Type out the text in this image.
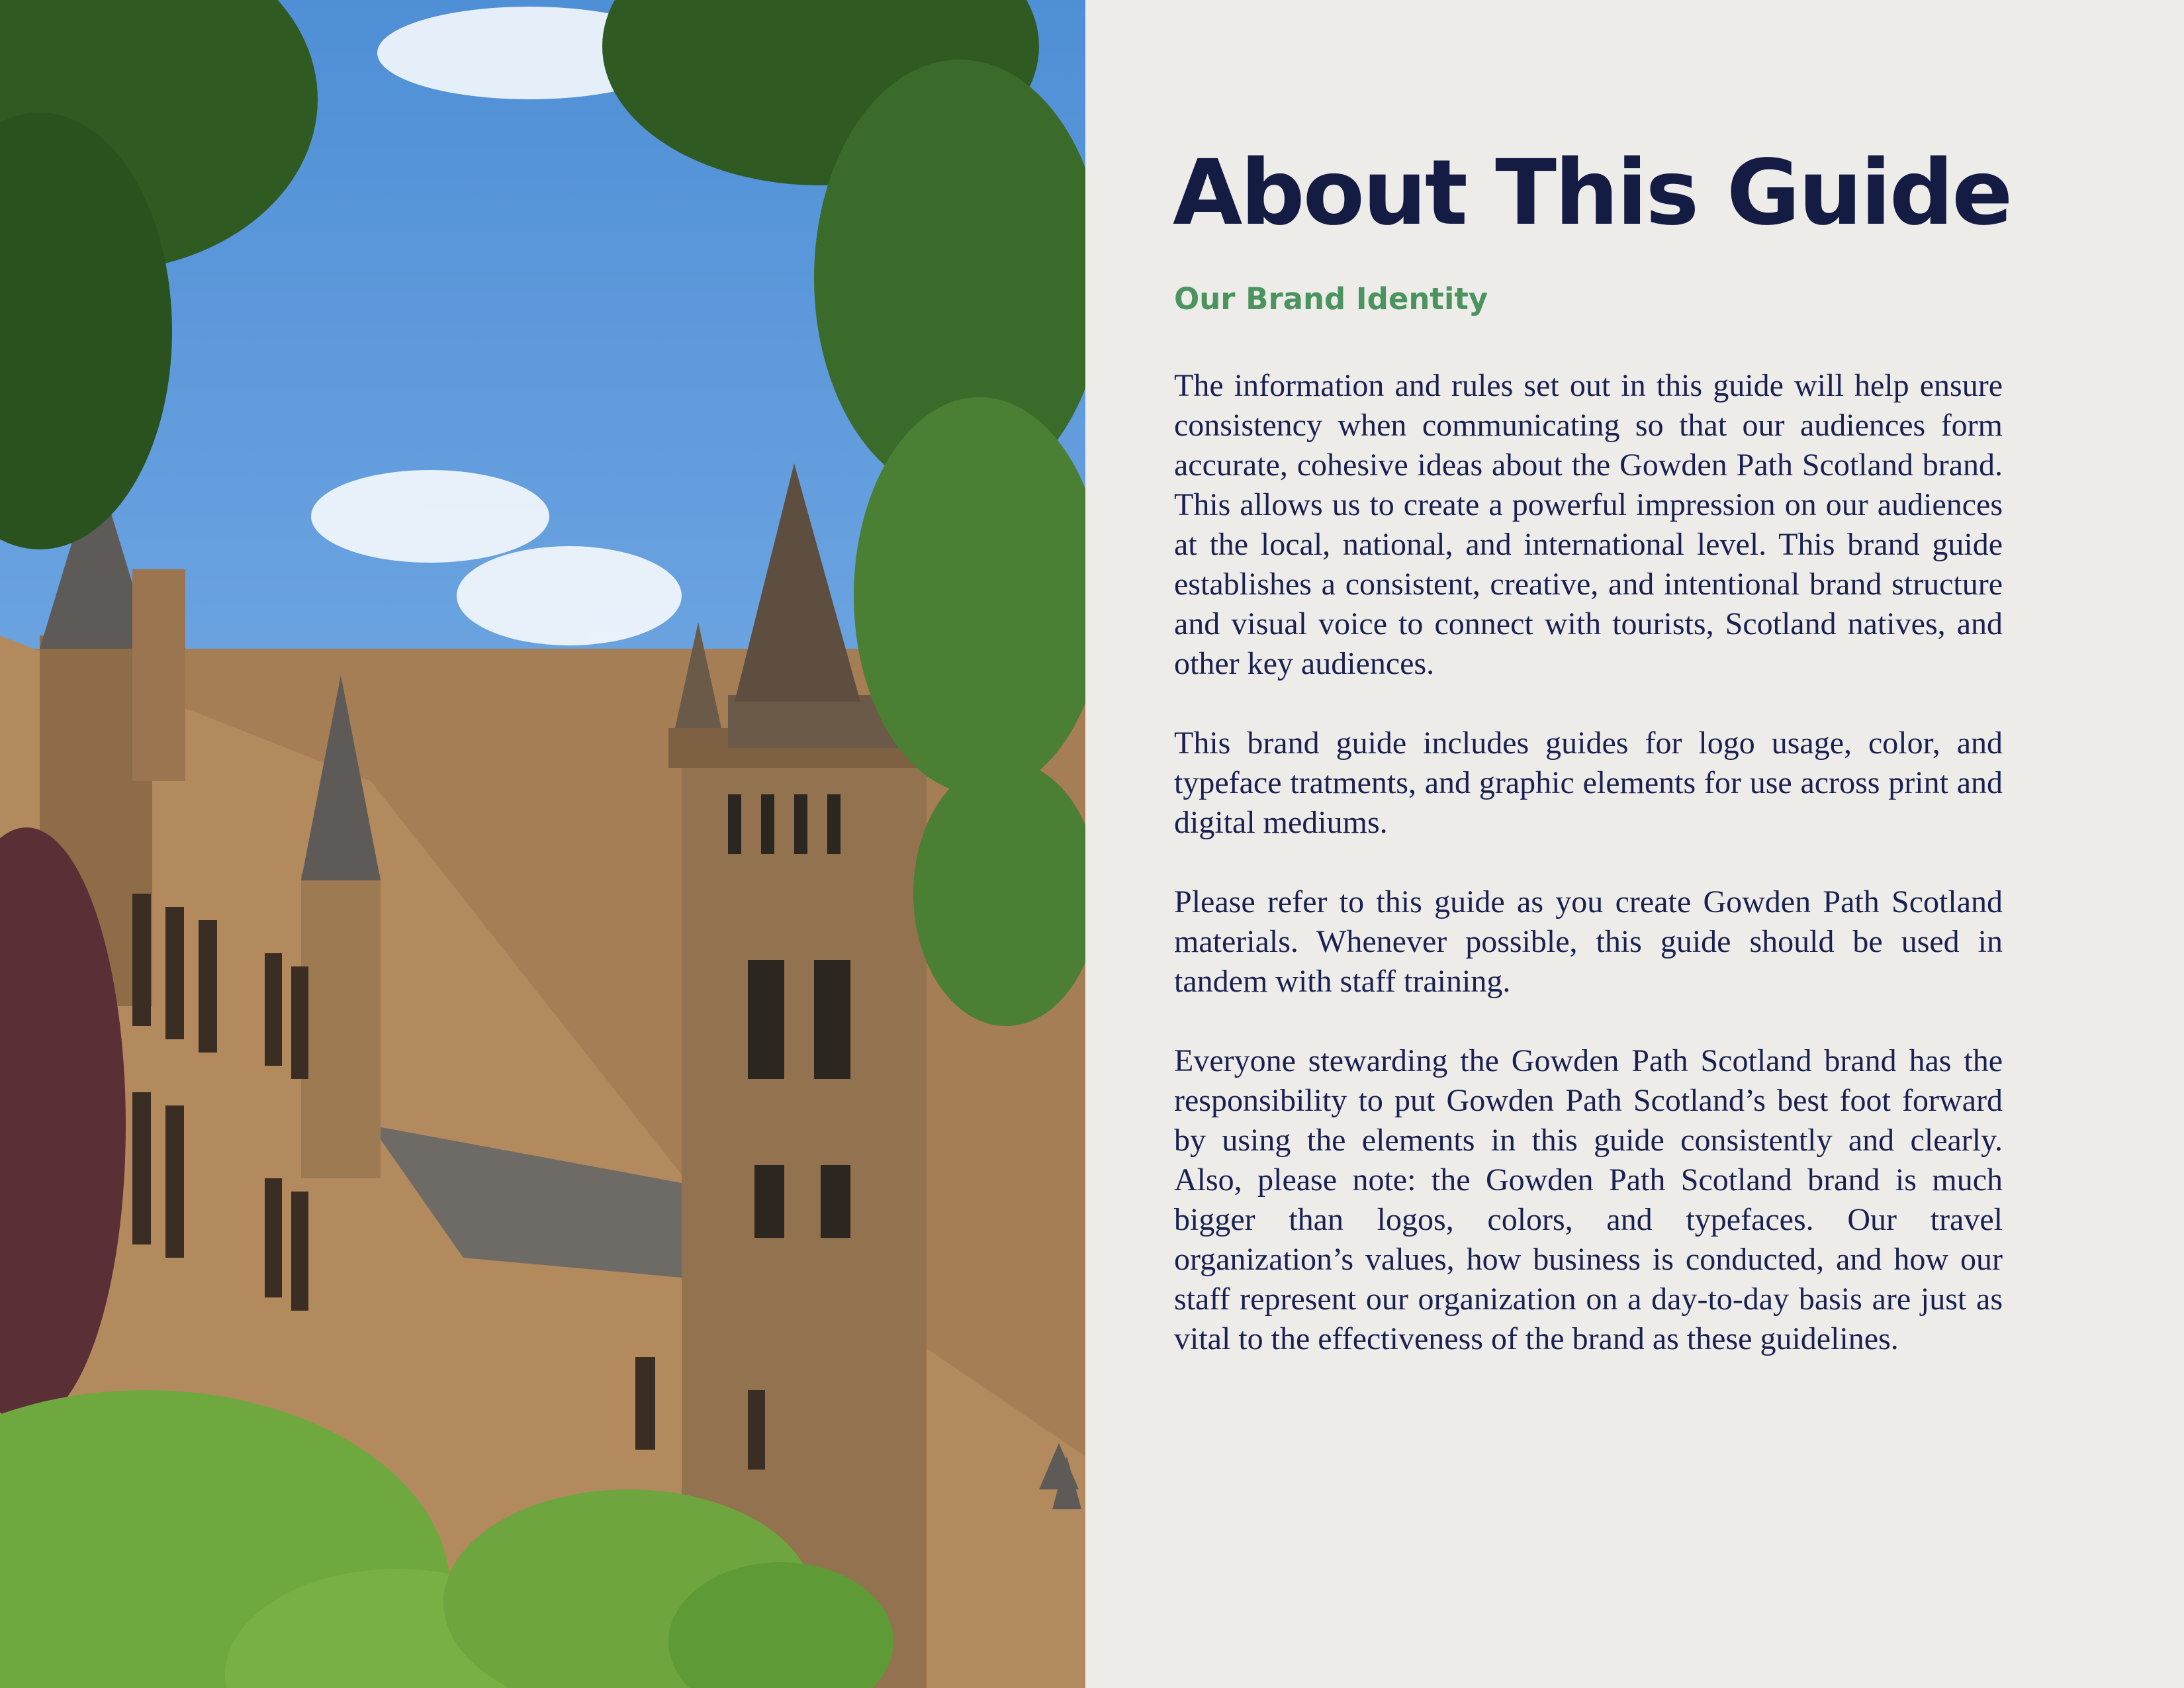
About This Guide
Our Brand Identity

The information and rules set out in this guide will help ensure consistency when communicating so that our audiences form accurate, cohesive ideas about the Gowden Path Scotland brand. This allows us to create a powerful impression on our audiences at the local, national, and international level. This brand guide establishes a consistent, creative, and intentional brand structure and visual voice to connect with tourists, Scotland natives, and other key audiences.

This brand guide includes guides for logo usage, color, and typeface tratments, and graphic elements for use across print and digital mediums.

Please refer to this guide as you create Gowden Path Scotland materials. Whenever possible, this guide should be used in tandem with staff training.

Everyone stewarding the Gowden Path Scotland brand has the responsibility to put Gowden Path Scotland’s best foot forward by using the elements in this guide consistently and clearly. Also, please note: the Gowden Path Scotland brand is much bigger than logos, colors, and typefaces. Our travel organization’s values, how business is conducted, and how our staff represent our organization on a day-to-day basis are just as vital to the effectiveness of the brand as these guidelines.
